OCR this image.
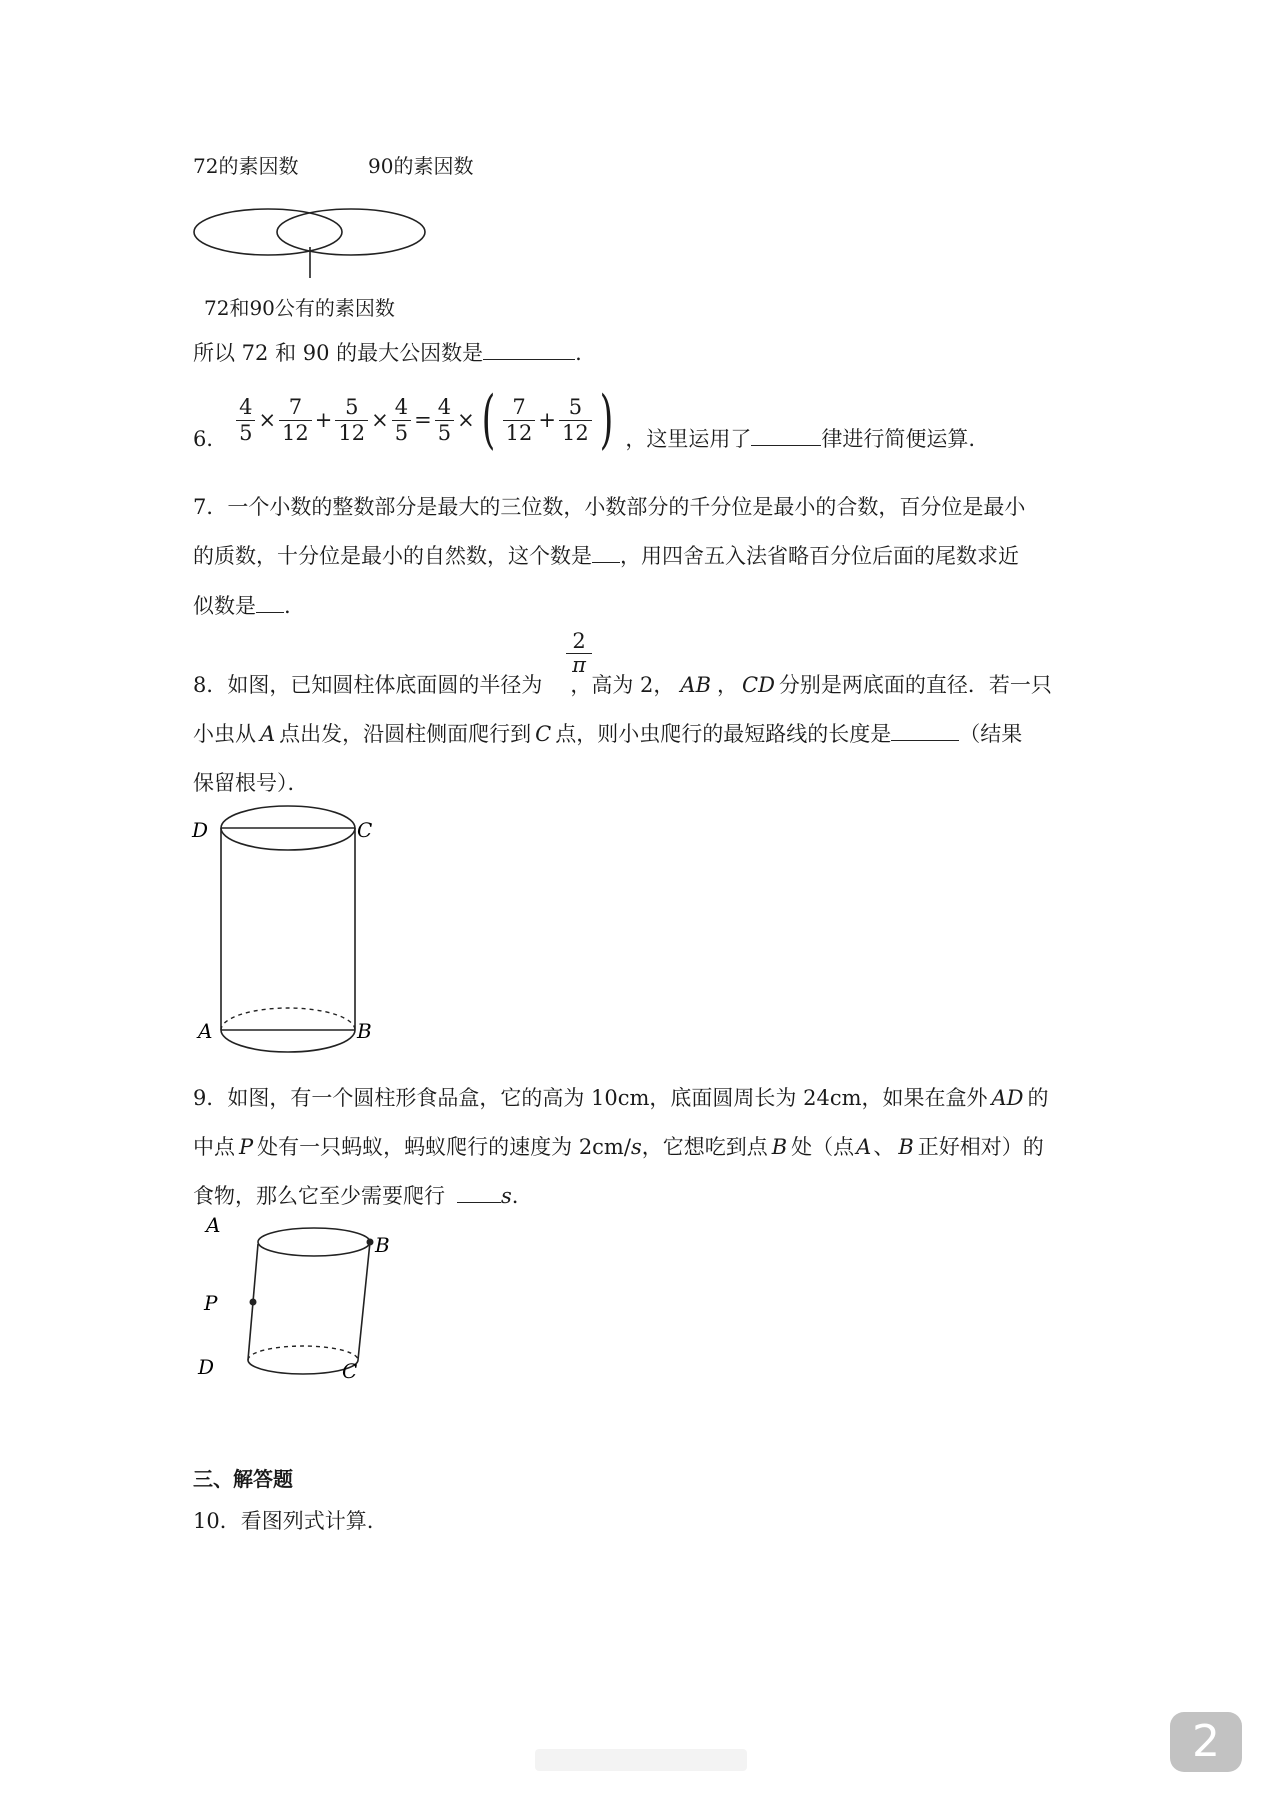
72的素因数	90的素因数
72和90公有的素因数
所以 72 和 90 的最大公因数是	.
6． $\frac{4}{5} \times \frac{7}{12} + \frac{5}{12} \times \frac{4}{5} = \frac{4}{5}$ × ( $\frac{7}{12} + \frac{5}{12}$ ) ，这里运用了	律进行简便运算.
7．一个小数的整数部分是最大的三位数，小数部分的千分位是最小的合数，百分位是最小
的质数，十分位是最小的自然数，这个数是 ，用四舍五入法省略百分位后面的尾数求近
似数是 .
$\frac{2}{\pi}$
8．如图，已知圆柱体底面圆的半径为 ，高为 2， AB ， CD 分别是两底面的直径．若一只
小虫从 A 点出发，沿圆柱侧面爬行到 C 点，则小虫爬行的最短路线的长度是	（结果
保留根号）．
D	C
A	B
9．如图，有一个圆柱形食品盒，它的高为 10cm，底面圆周长为 24cm，如果在盒外 AD 的
中点 P 处有一只蚂蚁，蚂蚁爬行的速度为 2cm/s，它想吃到点 B 处（点A、 B 正好相对）的
食物，那么它至少需要爬行	s.
A
B
P
D	C
三、解答题
10．看图列式计算.
2
